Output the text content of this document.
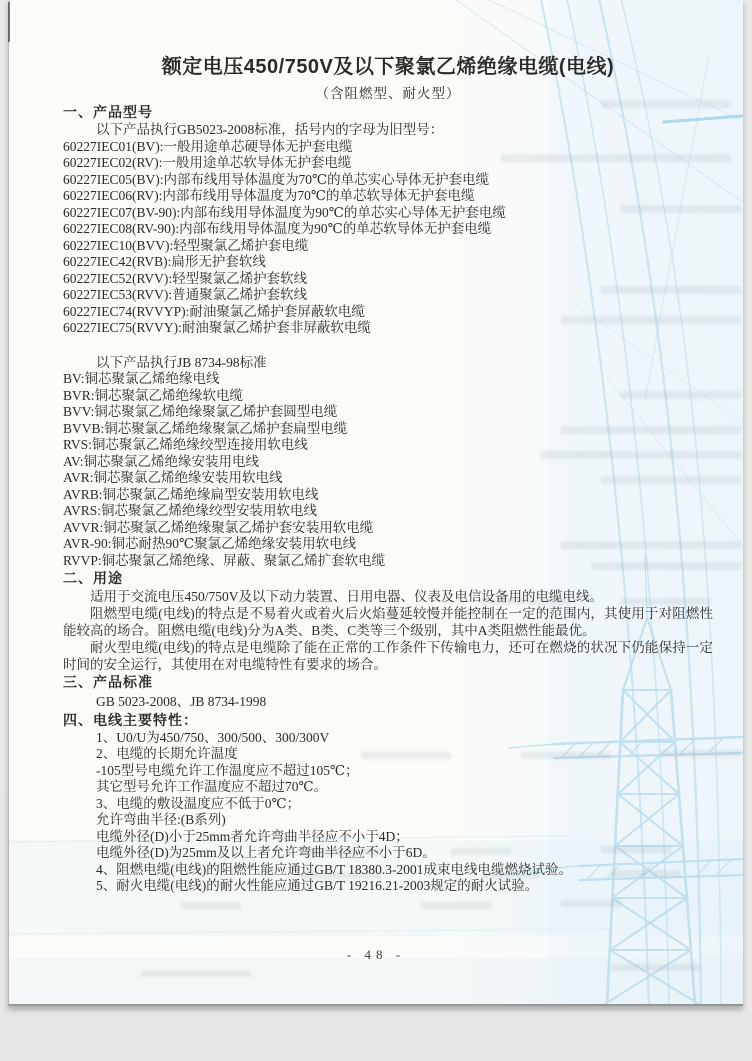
额定电压450/750V及以下聚氯乙烯绝缘电缆(电线)
（含阻燃型、耐火型）
一、产品型号
以下产品执行GB5023-2008标准，括号内的字母为旧型号：
60227IEC01(BV):一般用途单芯硬导体无护套电缆
60227IEC02(RV):一般用途单芯软导体无护套电缆
60227IEC05(BV):内部布线用导体温度为70℃的单芯实心导体无护套电缆
60227IEC06(RV):内部布线用导体温度为70℃的单芯软导体无护套电缆
60227IEC07(BV-90):内部布线用导体温度为90℃的单芯实心导体无护套电缆
60227IEC08(RV-90):内部布线用导体温度为90℃的单芯软导体无护套电缆
60227IEC10(BVV):轻型聚氯乙烯护套电缆
60227IEC42(RVB):扁形无护套软线
60227IEC52(RVV):轻型聚氯乙烯护套软线
60227IEC53(RVV):普通聚氯乙烯护套软线
60227IEC74(RVVYP):耐油聚氯乙烯护套屏蔽软电缆
60227IEC75(RVVY):耐油聚氯乙烯护套非屏蔽软电缆
以下产品执行JB 8734-98标准
BV:铜芯聚氯乙烯绝缘电线
BVR:铜芯聚氯乙烯绝缘软电缆
BVV:铜芯聚氯乙烯绝缘聚氯乙烯护套圆型电缆
BVVB:铜芯聚氯乙烯绝缘聚氯乙烯护套扁型电缆
RVS:铜芯聚氯乙烯绝缘绞型连接用软电线
AV:铜芯聚氯乙烯绝缘安装用电线
AVR:铜芯聚氯乙烯绝缘安装用软电线
AVRB:铜芯聚氯乙烯绝缘扁型安装用软电线
AVRS:铜芯聚氯乙烯绝缘绞型安装用软电线
AVVR:铜芯聚氯乙烯绝缘聚氯乙烯护套安装用软电缆
AVR-90:铜芯耐热90℃聚氯乙烯绝缘安装用软电线
RVVP:铜芯聚氯乙烯绝缘、屏蔽、聚氯乙烯扩套软电缆
二、用途

适用于交流电压450/750V及以下动力装置、日用电器、仪表及电信设备用的电缆电线。

阻燃型电缆(电线)的特点是不易着火或着火后火焰蔓延较慢并能控制在一定的范围内，其使用于对阻燃性能较高的场合。阻燃电缆(电线)分为A类、B类、C类等三个级别，其中A类阻燃性能最优。

耐火型电缆(电线)的特点是电缆除了能在正常的工作条件下传输电力，还可在燃烧的状况下仍能保持一定时间的安全运行，其使用在对电缆特性有要求的场合。

三、产品标准
GB 5023-2008、JB 8734-1998
四、电线主要特性：
1、U0/U为450/750、300/500、300/300V
2、电缆的长期允许温度
-105型号电缆允许工作温度应不超过105℃；
其它型号允许工作温度应不超过70℃。
3、电缆的敷设温度应不低于0℃；
允许弯曲半径:(B系列)
电缆外径(D)小于25mm者允许弯曲半径应不小于4D；
电缆外径(D)为25mm及以上者允许弯曲半径应不小于6D。
4、阻燃电缆(电线)的阻燃性能应通过GB/T 18380.3-2001成束电线电缆燃烧试验。
5、耐火电缆(电线)的耐火性能应通过GB/T 19216.21-2003规定的耐火试验。
- 48 -
